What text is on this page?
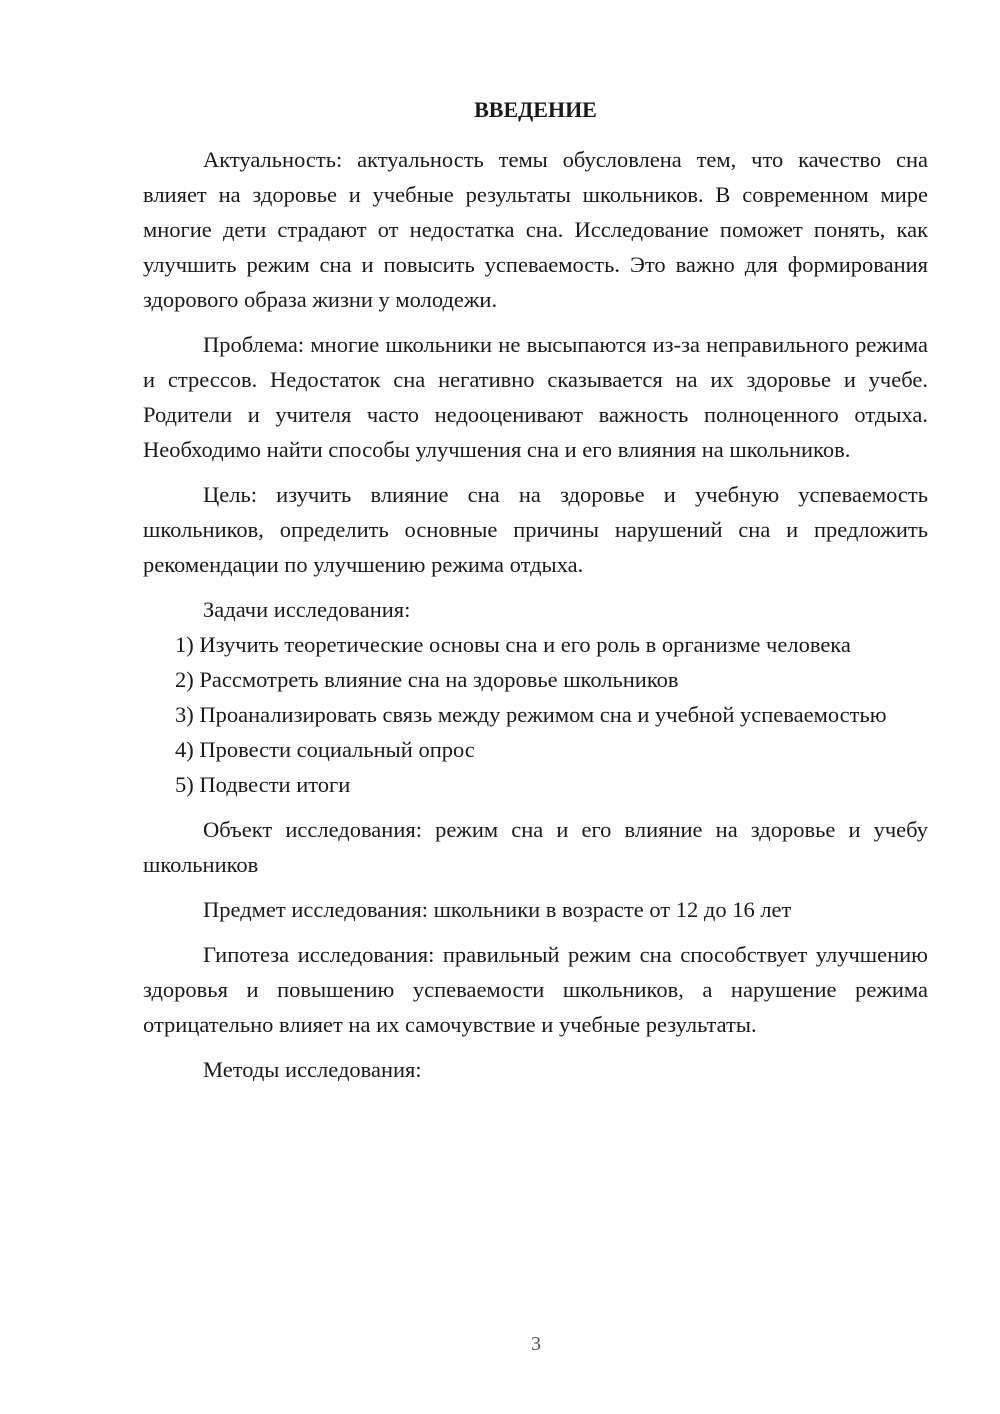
ВВЕДЕНИЕ

Актуальность: актуальность темы обусловлена тем, что качество сна влияет на здоровье и учебные результаты школьников. В современном мире многие дети страдают от недостатка сна. Исследование поможет понять, как улучшить режим сна и повысить успеваемость. Это важно для формирования здорового образа жизни у молодежи.

Проблема: многие школьники не высыпаются из-за неправильного режима и стрессов. Недостаток сна негативно сказывается на их здоровье и учебе. Родители и учителя часто недооценивают важность полноценного отдыха. Необходимо найти способы улучшения сна и его влияния на школьников.

Цель: изучить влияние сна на здоровье и учебную успеваемость школьников, определить основные причины нарушений сна и предложить рекомендации по улучшению режима отдыха.

Задачи исследования:

1) Изучить теоретические основы сна и его роль в организме человека

2) Рассмотреть влияние сна на здоровье школьников

3) Проанализировать связь между режимом сна и учебной успеваемостью

4) Провести социальный опрос

5) Подвести итоги

Объект исследования: режим сна и его влияние на здоровье и учебу школьников

Предмет исследования: школьники в возрасте от 12 до 16 лет

Гипотеза исследования: правильный режим сна способствует улучшению здоровья и повышению успеваемости школьников, а нарушение режима отрицательно влияет на их самочувствие и учебные результаты.

Методы исследования:

3
